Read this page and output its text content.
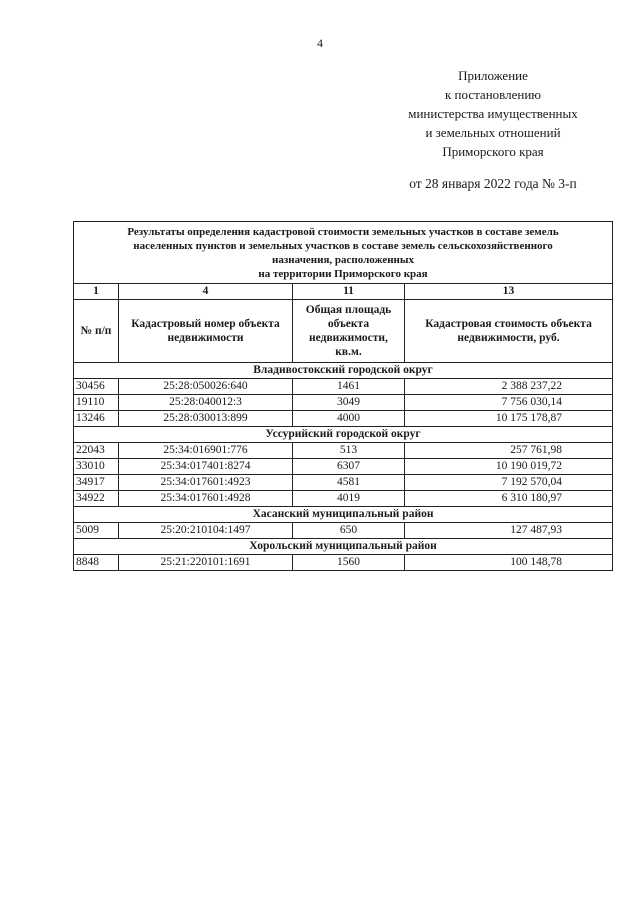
4
Приложение
к постановлению
министерства имущественных
и земельных отношений
Приморского края
от 28 января 2022 года № 3-п
Результаты определения кадастровой стоимости земельных участков в составе земель
населенных пунктов и земельных участков в составе земель сельскохозяйственного
назначения, расположенных
на территории Приморского края			

1	4	11	13
№ п/п	Кадастровый номер объекта недвижимости	Общая площадь объекта недвижимости, кв.м.	Кадастровая стоимость объекта недвижимости, руб.
Владивостокский городской округ			
30456	25:28:050026:640	1461	2 388 237,22
19110	25:28:040012:3	3049	7 756 030,14
13246	25:28:030013:899	4000	10 175 178,87
Уссурийский городской округ			
22043	25:34:016901:776	513	257 761,98
33010	25:34:017401:8274	6307	10 190 019,72
34917	25:34:017601:4923	4581	7 192 570,04
34922	25:34:017601:4928	4019	6 310 180,97
Хасанский муниципальный район			
5009	25:20:210104:1497	650	127 487,93
Хорольский муниципальный район			
8848	25:21:220101:1691	1560	100 148,78
